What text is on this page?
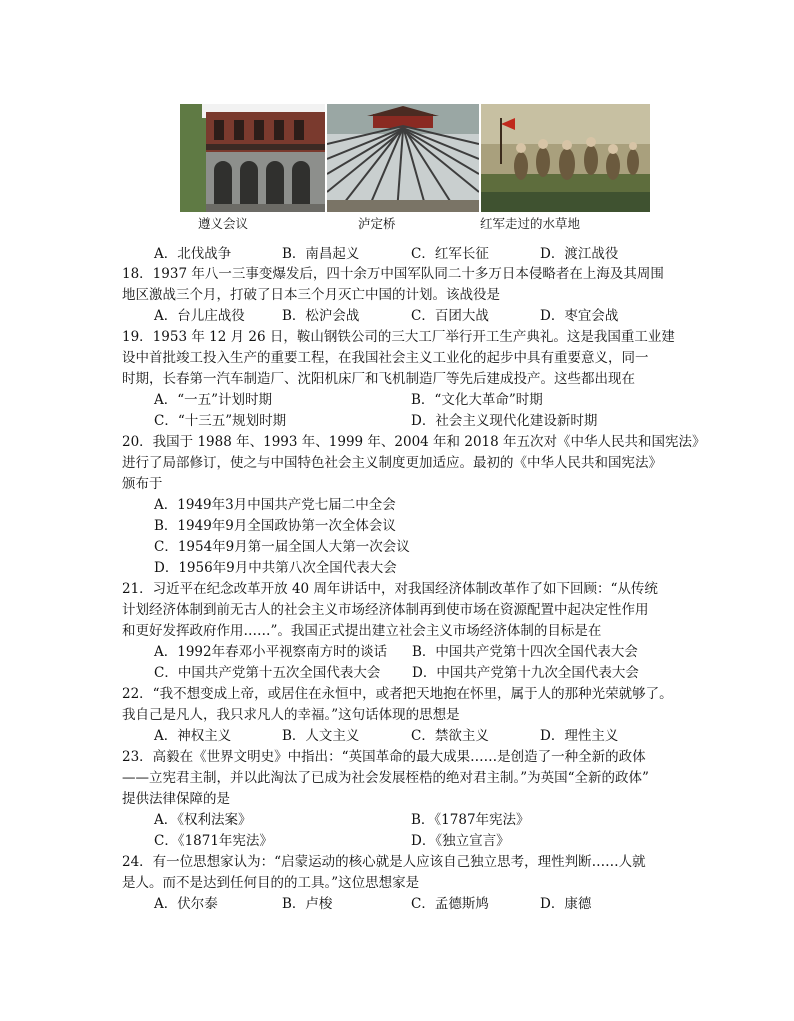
遵义会议	泸定桥	红军走过的水草地
A．北伐战争	B．南昌起义	C．红军长征	D．渡江战役
18．1937 年八一三事变爆发后，四十余万中国军队同二十多万日本侵略者在上海及其周围
地区激战三个月，打破了日本三个月灭亡中国的计划。该战役是
A．台儿庄战役	B．松沪会战	C．百团大战	D．枣宜会战
19．1953 年 12 月 26 日，鞍山钢铁公司的三大工厂举行开工生产典礼。这是我国重工业建
设中首批竣工投入生产的重要工程，在我国社会主义工业化的起步中具有重要意义，同一
时期，长春第一汽车制造厂、沈阳机床厂和飞机制造厂等先后建成投产。这些都出现在
A．“一五”计划时期	B．“文化大革命”时期
C．“十三五”规划时期	D．社会主义现代化建设新时期
20．我国于 1988 年、1993 年、1999 年、2004 年和 2018 年五次对《中华人民共和国宪法》
进行了局部修订，使之与中国特色社会主义制度更加适应。最初的《中华人民共和国宪法》
颁布于
A．1949年3月中国共产党七届二中全会
B．1949年9月全国政协第一次全体会议
C．1954年9月第一届全国人大第一次会议
D．1956年9月中共第八次全国代表大会
21．习近平在纪念改革开放 40 周年讲话中，对我国经济体制改革作了如下回顾：“从传统
计划经济体制到前无古人的社会主义市场经济体制再到使市场在资源配置中起决定性作用
和更好发挥政府作用……”。我国正式提出建立社会主义市场经济体制的目标是在
A．1992年春邓小平视察南方时的谈话 B．中国共产党第十四次全国代表大会
C．中国共产党第十五次全国代表大会 D．中国共产党第十九次全国代表大会
22．“我不想变成上帝，或居住在永恒中，或者把天地抱在怀里，属于人的那种光荣就够了。
我自己是凡人，我只求凡人的幸福。”这句话体现的思想是
A．神权主义	B．人文主义	C．禁欲主义	D．理性主义
23．高毅在《世界文明史》中指出：“英国革命的最大成果……是创造了一种全新的政体
——立宪君主制，并以此淘汰了已成为社会发展桎梏的绝对君主制。”为英国“全新的政体”
提供法律保障的是
A．《权利法案》	B．《1787年宪法》
C．《1871年宪法》	D．《独立宣言》
24．有一位思想家认为：“启蒙运动的核心就是人应该自己独立思考，理性判断……人就
是人。而不是达到任何目的的工具。”这位思想家是
A．伏尔泰	B．卢梭	C．孟德斯鸠	D．康德
